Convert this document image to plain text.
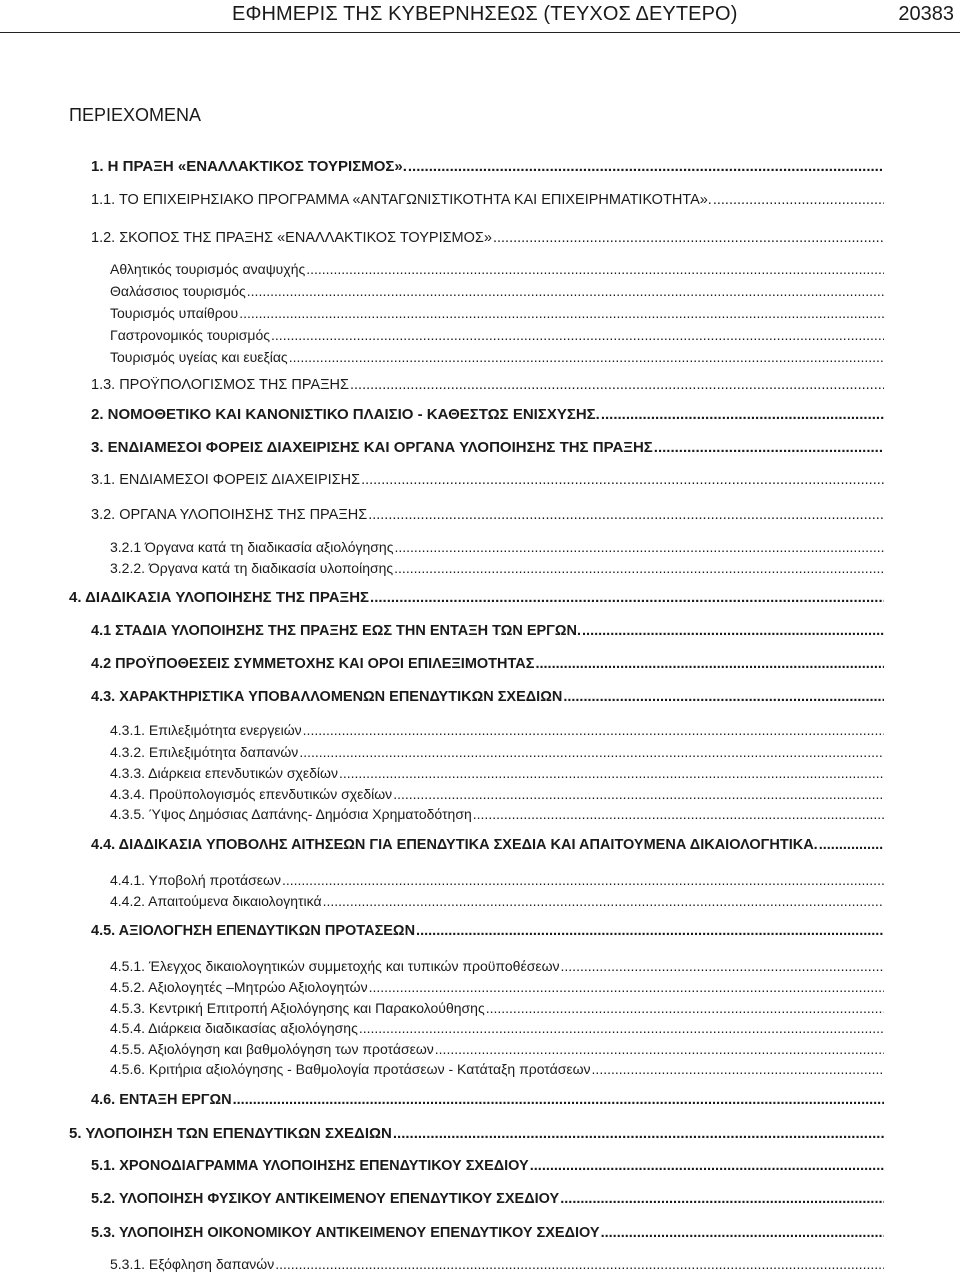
ΕΦΗΜΕΡΙΣ ΤΗΣ ΚΥΒΕΡΝΗΣΕΩΣ (ΤΕΥΧΟΣ ΔΕΥΤΕΡΟ)	20383
ΠΕΡΙΕΧΟΜΕΝΑ
1. Η ΠΡΑΞΗ «ΕΝΑΛΛΑΚΤΙΚΟΣ ΤΟΥΡΙΣΜΟΣ».
.....
1.1. ΤΟ ΕΠΙΧΕΙΡΗΣΙΑΚΟ ΠΡΟΓΡΑΜΜΑ «ΑΝΤΑΓΩΝΙΣΤΙΚΟΤΗΤΑ ΚΑΙ ΕΠΙΧΕΙΡΗΜΑΤΙΚΟΤΗΤΑ».
.....
1.2. ΣΚΟΠΟΣ ΤΗΣ ΠΡΑΞΗΣ «ΕΝΑΛΛΑΚΤΙΚΟΣ ΤΟΥΡΙΣΜΟΣ»
.....
Αθλητικός τουρισμός αναψυχής
.....
Θαλάσσιος τουρισμός
.....
Τουρισμός υπαίθρου
.....
Γαστρονομικός τουρισμός
.....
Τουρισμός υγείας και ευεξίας
.....
1.3. ΠΡΟΫΠΟΛΟΓΙΣΜΟΣ ΤΗΣ ΠΡΑΞΗΣ
.....
2. ΝΟΜΟΘΕΤΙΚΟ ΚΑΙ ΚΑΝΟΝΙΣΤΙΚΟ ΠΛΑΙΣΙΟ - ΚΑΘΕΣΤΩΣ ΕΝΙΣΧΥΣΗΣ.
.....
3. ΕΝΔΙΑΜΕΣΟΙ ΦΟΡΕΙΣ ΔΙΑΧΕΙΡΙΣΗΣ ΚΑΙ ΟΡΓΑΝΑ ΥΛΟΠΟΙΗΣΗΣ ΤΗΣ ΠΡΑΞΗΣ
.....
3.1. ΕΝΔΙΑΜΕΣΟΙ ΦΟΡΕΙΣ ΔΙΑΧΕΙΡΙΣΗΣ
.....
3.2. ΟΡΓΑΝΑ ΥΛΟΠΟΙΗΣΗΣ ΤΗΣ ΠΡΑΞΗΣ
.....
3.2.1 Όργανα κατά τη διαδικασία αξιολόγησης
.....
3.2.2. Όργανα κατά τη διαδικασία υλοποίησης
.....
4. ΔΙΑΔΙΚΑΣΙΑ ΥΛΟΠΟΙΗΣΗΣ ΤΗΣ ΠΡΑΞΗΣ
.....
4.1 ΣΤΑΔΙΑ ΥΛΟΠΟΙΗΣΗΣ ΤΗΣ ΠΡΑΞΗΣ ΕΩΣ ΤΗΝ ΕΝΤΑΞΗ ΤΩΝ ΕΡΓΩΝ.
.....
4.2 ΠΡΟΫΠΟΘΕΣΕΙΣ ΣΥΜΜΕΤΟΧΗΣ ΚΑΙ ΟΡΟΙ ΕΠΙΛΕΞΙΜΟΤΗΤΑΣ
.....
4.3. ΧΑΡΑΚΤΗΡΙΣΤΙΚΑ ΥΠΟΒΑΛΛΟΜΕΝΩΝ ΕΠΕΝΔΥΤΙΚΩΝ ΣΧΕΔΙΩΝ
.....
4.3.1. Επιλεξιμότητα ενεργειών
.....
4.3.2. Επιλεξιμότητα δαπανών
.....
4.3.3. Διάρκεια επενδυτικών σχεδίων
.....
4.3.4. Προϋπολογισμός επενδυτικών σχεδίων
.....
4.3.5. Ύψος Δημόσιας Δαπάνης- Δημόσια Χρηματοδότηση
.....
4.4. ΔΙΑΔΙΚΑΣΙΑ ΥΠΟΒΟΛΗΣ ΑΙΤΗΣΕΩΝ ΓΙΑ ΕΠΕΝΔΥΤΙΚΑ ΣΧΕΔΙΑ ΚΑΙ ΑΠΑΙΤΟΥΜΕΝΑ ΔΙΚΑΙΟΛΟΓΗΤΙΚΑ.
.....
4.4.1. Υποβολή προτάσεων
.....
4.4.2. Απαιτούμενα δικαιολογητικά
.....
4.5. ΑΞΙΟΛΟΓΗΣΗ ΕΠΕΝΔΥΤΙΚΩΝ ΠΡΟΤΑΣΕΩΝ
.....
4.5.1. Έλεγχος δικαιολογητικών συμμετοχής και τυπικών προϋποθέσεων
.....
4.5.2. Αξιολογητές –Μητρώο Αξιολογητών
.....
4.5.3. Κεντρική Επιτροπή Αξιολόγησης και Παρακολούθησης
.....
4.5.4. Διάρκεια διαδικασίας αξιολόγησης
.....
4.5.5. Αξιολόγηση και βαθμολόγηση των προτάσεων
.....
4.5.6. Κριτήρια αξιολόγησης - Βαθμολογία προτάσεων - Κατάταξη προτάσεων
.....
4.6. ΕΝΤΑΞΗ ΕΡΓΩΝ
.....
5. ΥΛΟΠΟΙΗΣΗ ΤΩΝ ΕΠΕΝΔΥΤΙΚΩΝ ΣΧΕΔΙΩΝ
.....
5.1. ΧΡΟΝΟΔΙΑΓΡΑΜΜΑ ΥΛΟΠΟΙΗΣΗΣ ΕΠΕΝΔΥΤΙΚΟΥ ΣΧΕΔΙΟΥ
.....
5.2. ΥΛΟΠΟΙΗΣΗ ΦΥΣΙΚΟΥ ΑΝΤΙΚΕΙΜΕΝΟΥ ΕΠΕΝΔΥΤΙΚΟΥ ΣΧΕΔΙΟΥ
.....
5.3. ΥΛΟΠΟΙΗΣΗ ΟΙΚΟΝΟΜΙΚΟΥ ΑΝΤΙΚΕΙΜΕΝΟΥ ΕΠΕΝΔΥΤΙΚΟΥ ΣΧΕΔΙΟΥ
.....
5.3.1. Εξόφληση δαπανών
.....
